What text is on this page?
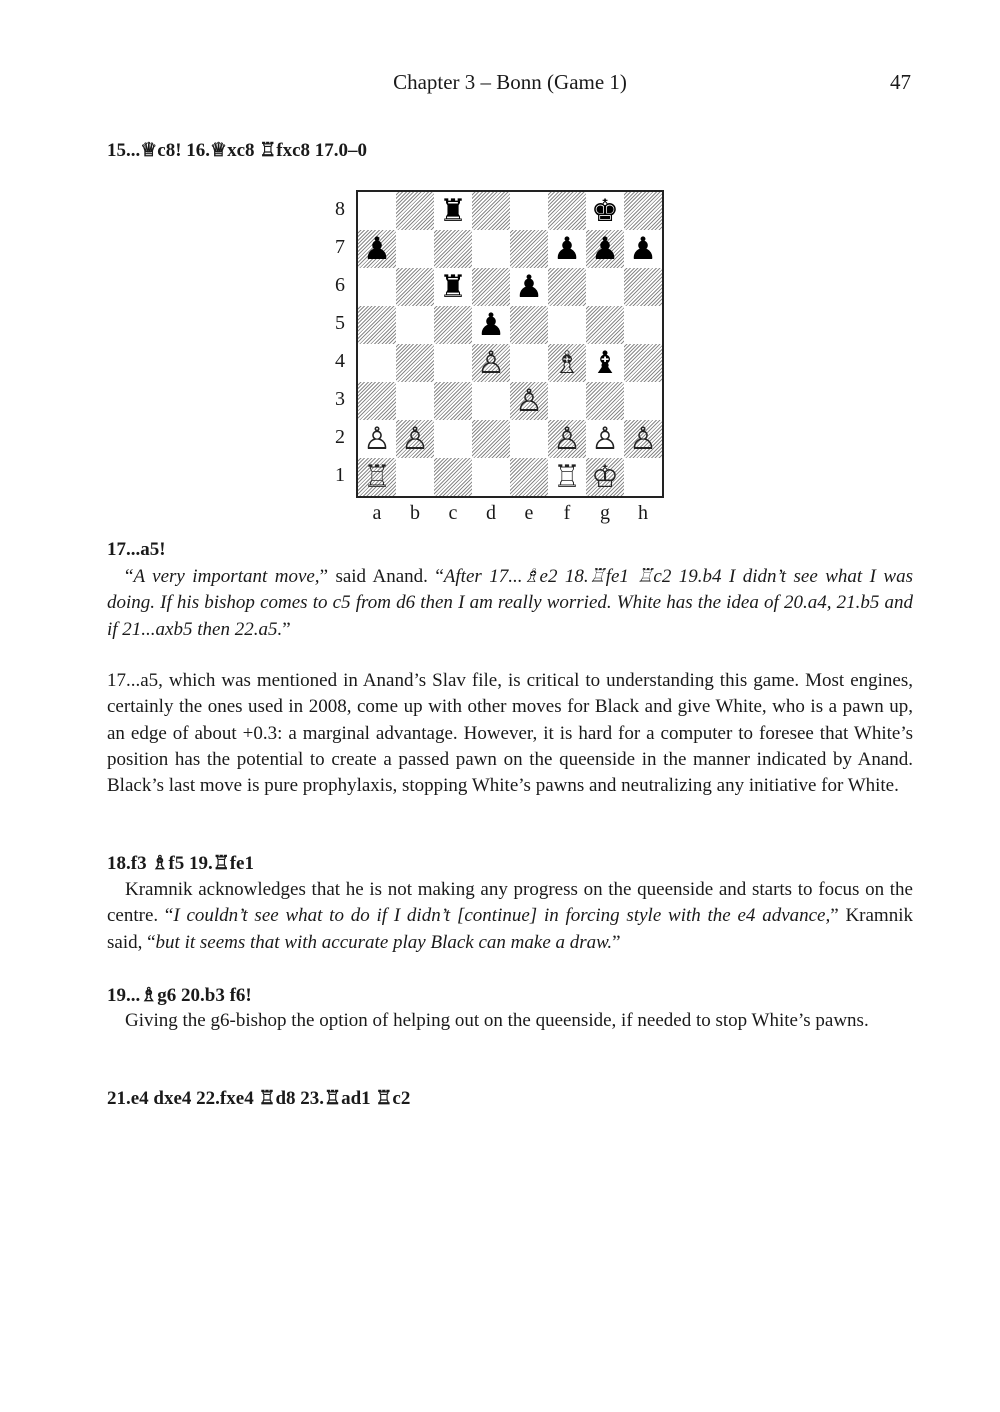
Chapter 3 – Bonn (Game 1)	47
15...♕c8! 16.♕xc8 ♖fxc8 17.0–0
8
7
6
5
4
3
2
1
♜	♚
♟	♟ ♟ ♟
♜ ♟
♟
♙ ♗ ♝
♙
♙ ♙	♙ ♙ ♙
♖	♖ ♔
a	b	c	d	e	f	g	h
17...a5!
“A very important move,” said Anand. “After 17...♗e2 18.♖fe1 ♖c2 19.b4 I didn’t see what I was doing. If his bishop comes to c5 from d6 then I am really worried. White has the idea of 20.a4, 21.b5 and if 21...axb5 then 22.a5.”
17...a5, which was mentioned in Anand’s Slav file, is critical to understanding this game. Most engines, certainly the ones used in 2008, come up with other moves for Black and give White, who is a pawn up, an edge of about +0.3: a marginal advantage. However, it is hard for a computer to foresee that White’s position has the potential to create a passed pawn on the queenside in the manner indicated by Anand. Black’s last move is pure prophylaxis, stopping White’s pawns and neutralizing any initiative for White.
18.f3 ♗f5 19.♖fe1
Kramnik acknowledges that he is not making any progress on the queenside and starts to focus on the centre. “I couldn’t see what to do if I didn’t [continue] in forcing style with the e4 advance,” Kramnik said, “but it seems that with accurate play Black can make a draw.”
19...♗g6 20.b3 f6!
Giving the g6-bishop the option of helping out on the queenside, if needed to stop White’s pawns.
21.e4 dxe4 22.fxe4 ♖d8 23.♖ad1 ♖c2
